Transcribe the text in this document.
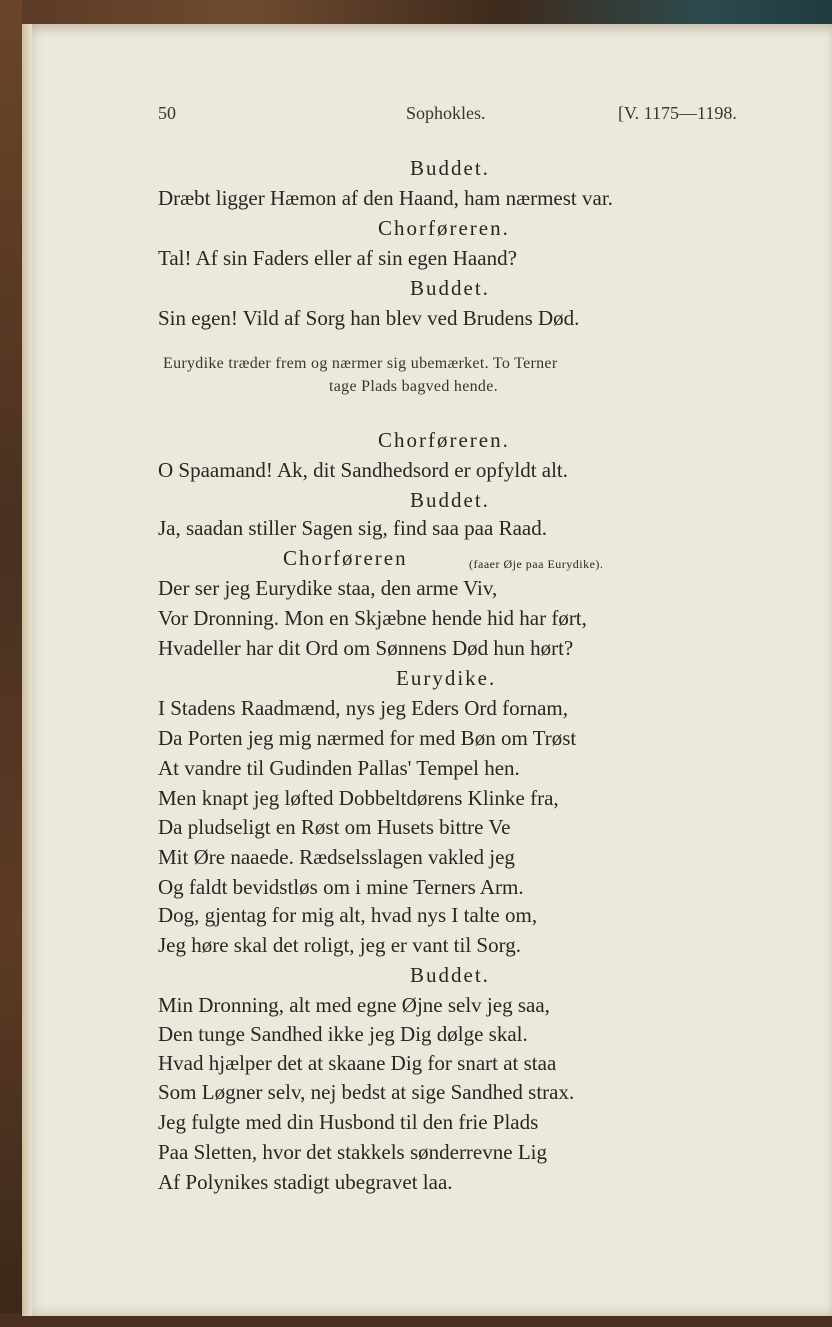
50	Sophokles.	[V. 1175—1198.
Buddet.
Dræbt ligger Hæmon af den Haand, ham nærmest var.
Chorføreren.
Tal! Af sin Faders eller af sin egen Haand?
Buddet.
Sin egen! Vild af Sorg han blev ved Brudens Død.
Eurydike træder frem og nærmer sig ubemærket. To Terner
tage Plads bagved hende.
Chorføreren.
O Spaamand! Ak, dit Sandhedsord er opfyldt alt.
Buddet.
Ja, saadan stiller Sagen sig, find saa paa Raad.
Chorføreren	(faaer Øje paa Eurydike).
Der ser jeg Eurydike staa, den arme Viv,
Vor Dronning. Mon en Skjæbne hende hid har ført,
Hvadeller har dit Ord om Sønnens Død hun hørt?
Eurydike.
I Stadens Raadmænd, nys jeg Eders Ord fornam,
Da Porten jeg mig nærmed for med Bøn om Trøst
At vandre til Gudinden Pallas' Tempel hen.
Men knapt jeg løfted Dobbeltdørens Klinke fra,
Da pludseligt en Røst om Husets bittre Ve
Mit Øre naaede. Rædselsslagen vakled jeg
Og faldt bevidstløs om i mine Terners Arm.
Dog, gjentag for mig alt, hvad nys I talte om,
Jeg høre skal det roligt, jeg er vant til Sorg.
Buddet.
Min Dronning, alt med egne Øjne selv jeg saa,
Den tunge Sandhed ikke jeg Dig dølge skal.
Hvad hjælper det at skaane Dig for snart at staa
Som Løgner selv, nej bedst at sige Sandhed strax.
Jeg fulgte med din Husbond til den frie Plads
Paa Sletten, hvor det stakkels sønderrevne Lig
Af Polynikes stadigt ubegravet laa.
